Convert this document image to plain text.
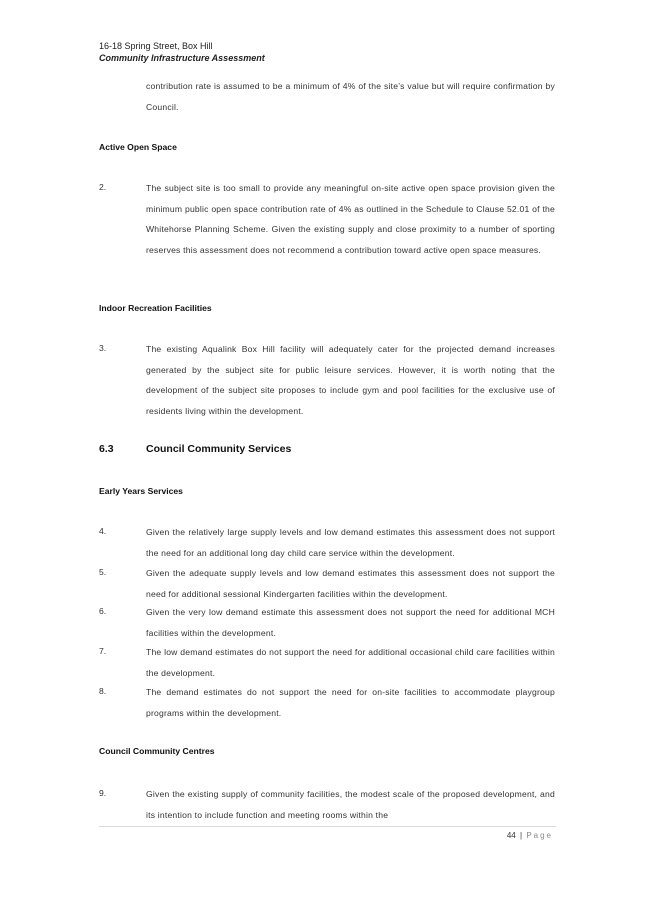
16-18 Spring Street, Box Hill
Community Infrastructure Assessment
contribution rate is assumed to be a minimum of 4% of the site’s value but will require confirmation by Council.
Active Open Space
2.	The subject site is too small to provide any meaningful on-site active open space provision given the minimum public open space contribution rate of 4% as outlined in the Schedule to Clause 52.01 of the Whitehorse Planning Scheme. Given the existing supply and close proximity to a number of sporting reserves this assessment does not recommend a contribution toward active open space measures.
Indoor Recreation Facilities
3.	The existing Aqualink Box Hill facility will adequately cater for the projected demand increases generated by the subject site for public leisure services. However, it is worth noting that the development of the subject site proposes to include gym and pool facilities for the exclusive use of residents living within the development.
6.3	Council Community Services
Early Years Services
4.	Given the relatively large supply levels and low demand estimates this assessment does not support the need for an additional long day child care service within the development.
5.	Given the adequate supply levels and low demand estimates this assessment does not support the need for additional sessional Kindergarten facilities within the development.
6.	Given the very low demand estimate this assessment does not support the need for additional MCH facilities within the development.
7.	The low demand estimates do not support the need for additional occasional child care facilities within the development.
8.	The demand estimates do not support the need for on-site facilities to accommodate playgroup programs within the development.
Council Community Centres
9.	Given the existing supply of community facilities, the modest scale of the proposed development, and its intention to include function and meeting rooms within the
44 | Page
